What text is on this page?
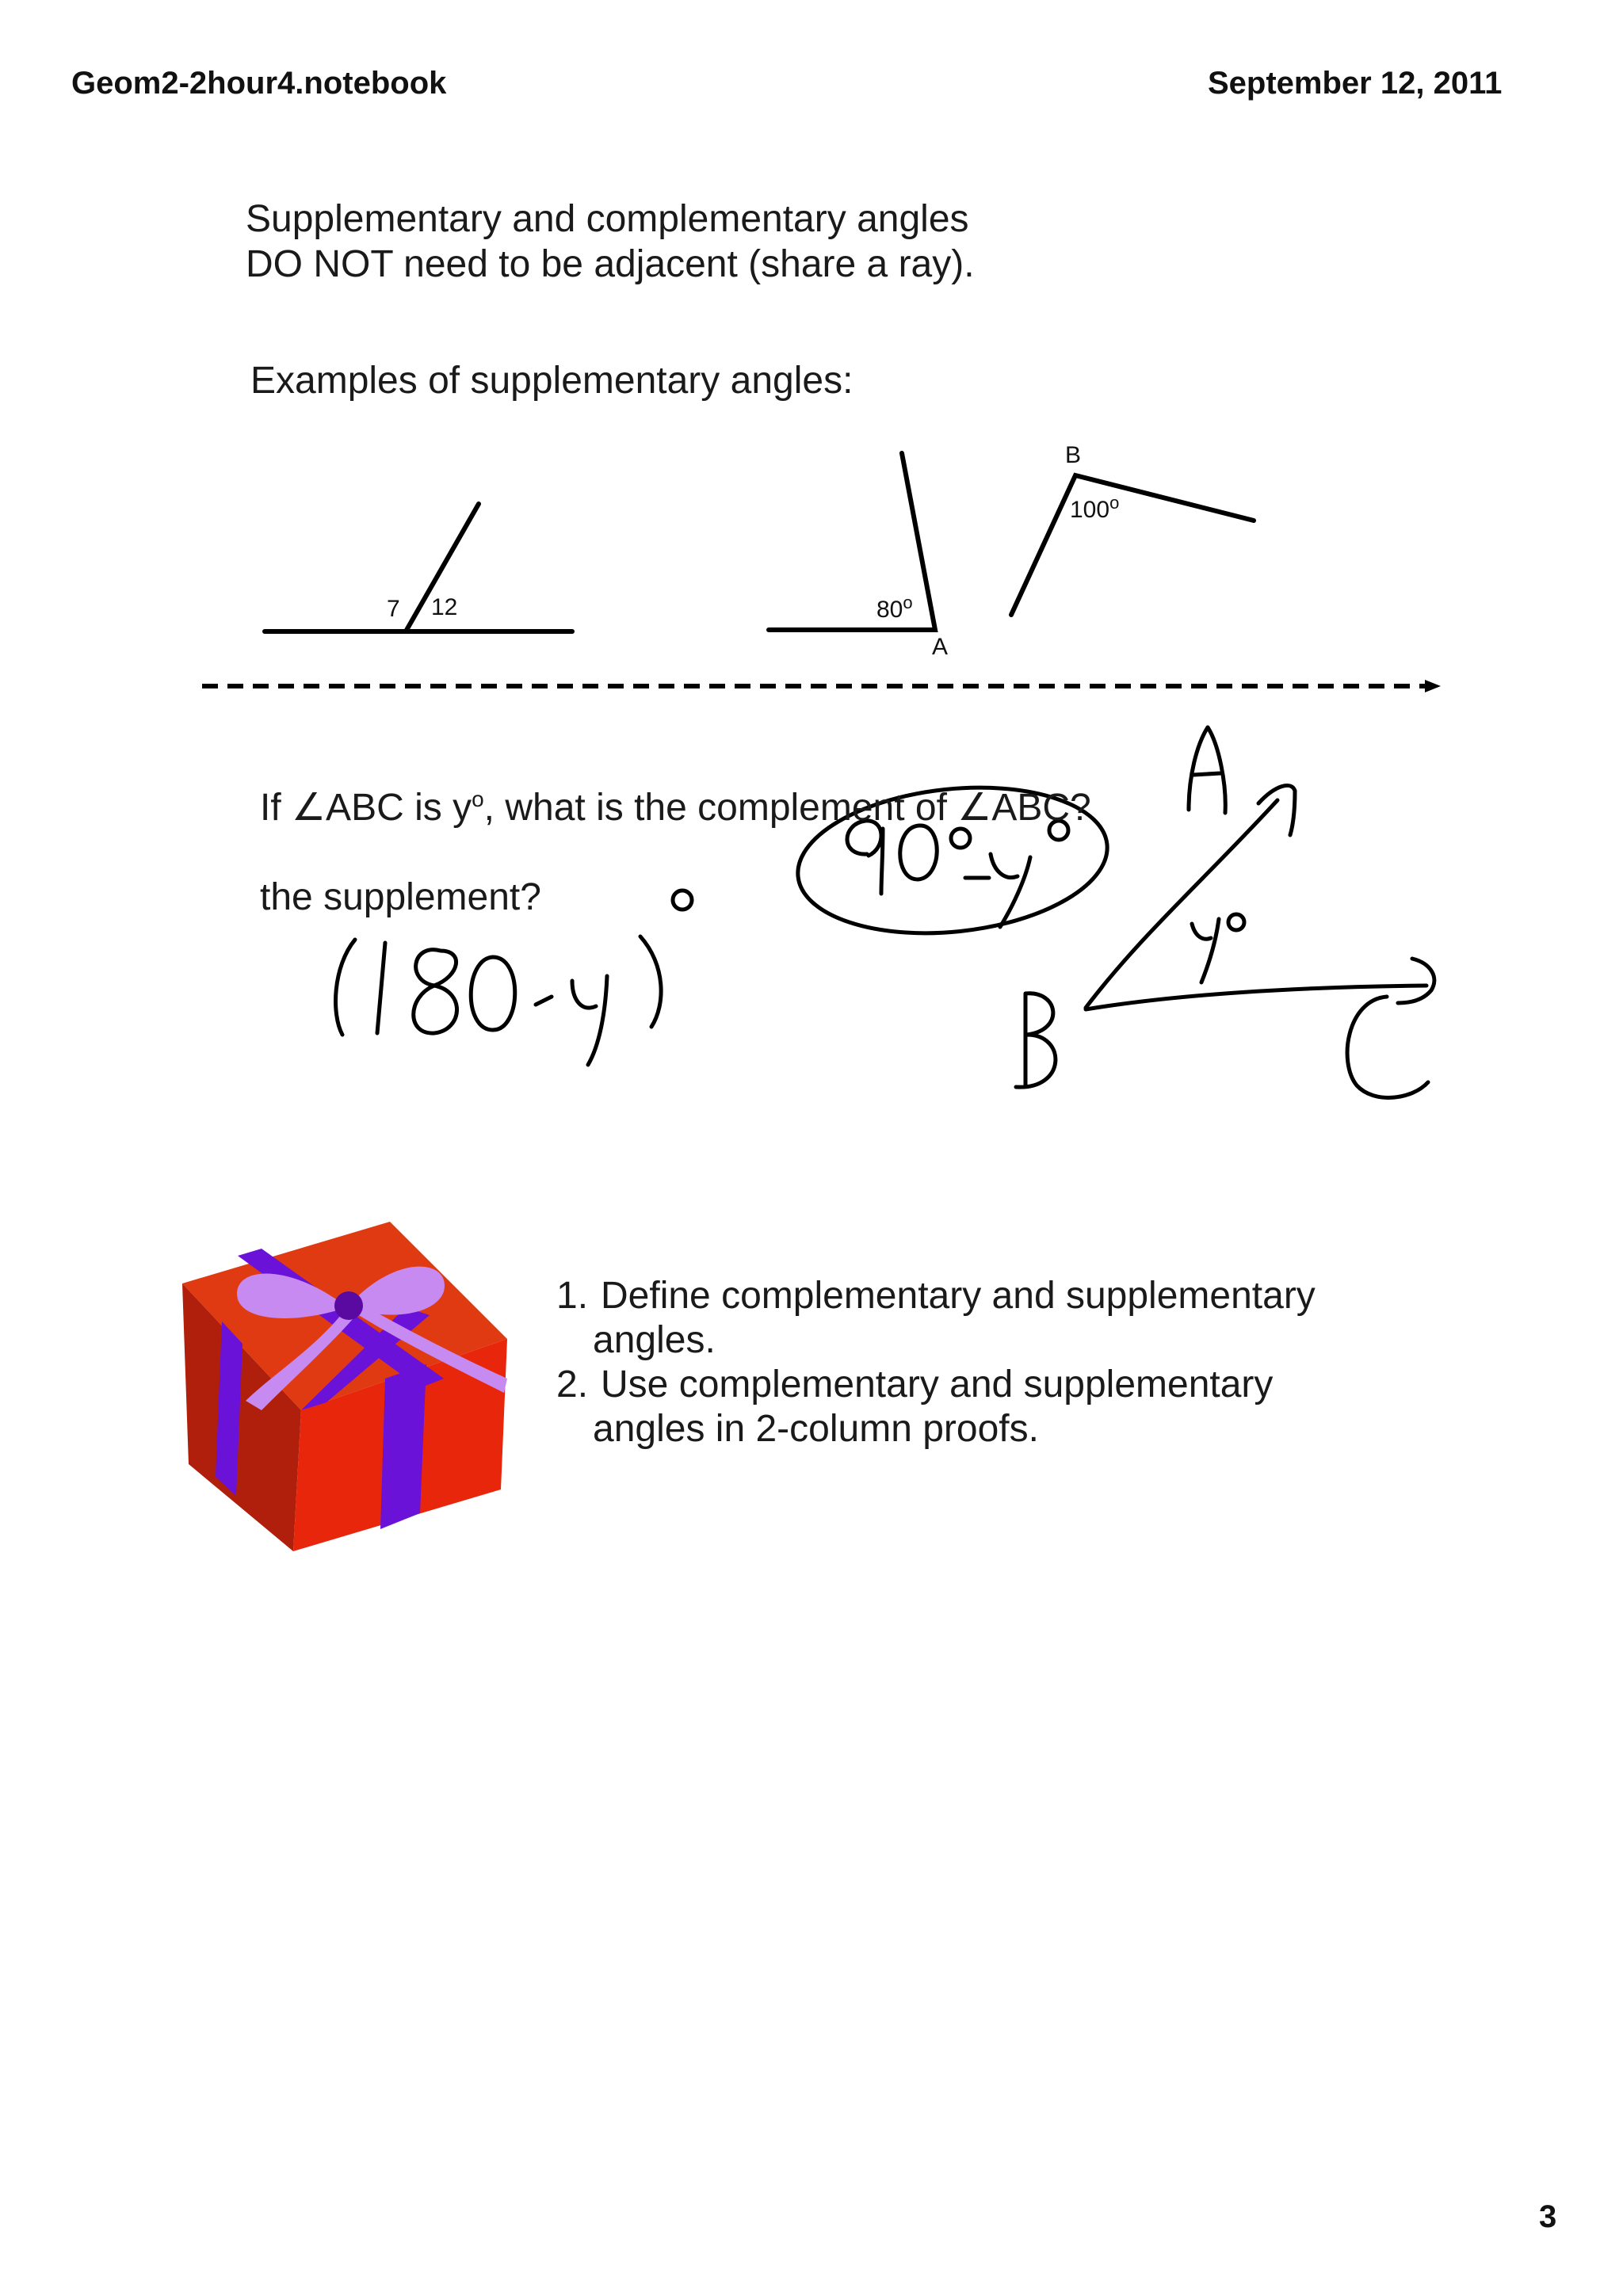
Geom2-2hour4.notebook	September 12, 2011
Supplementary and complementary angles
DO NOT need to be adjacent (share a ray).
Examples of supplementary angles:
7 12	80$^o$
A
B
100$^o$
If ∠ABC is $y^o$, what is the complement of ∠ABC?
the supplement?
1. Define complementary and supplementary
angles.
2. Use complementary and supplementary
angles in 2-column proofs.
3
